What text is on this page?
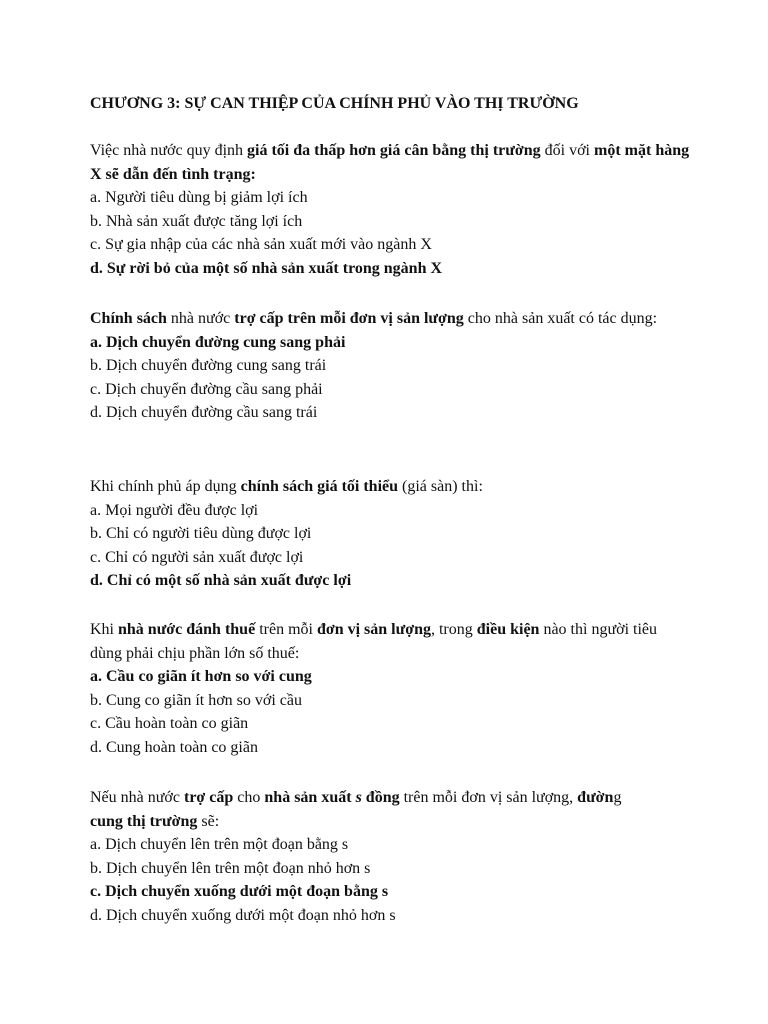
CHƯƠNG 3: SỰ CAN THIỆP CỦA CHÍNH PHỦ VÀO THỊ TRƯỜNG

Việc nhà nước quy định giá tối đa thấp hơn giá cân bằng thị trường đối với một mặt hàng X sẽ dẫn đến tình trạng:

a. Người tiêu dùng bị giảm lợi ích

b. Nhà sản xuất được tăng lợi ích

c. Sự gia nhập của các nhà sản xuất mới vào ngành X

d. Sự rời bỏ của một số nhà sản xuất trong ngành X

Chính sách nhà nước trợ cấp trên mỗi đơn vị sản lượng cho nhà sản xuất có tác dụng:

a. Dịch chuyển đường cung sang phải

b. Dịch chuyển đường cung sang trái

c. Dịch chuyển đường cầu sang phải

d. Dịch chuyển đường cầu sang trái

Khi chính phủ áp dụng chính sách giá tối thiểu (giá sàn) thì:

a. Mọi người đều được lợi

b. Chỉ có người tiêu dùng được lợi

c. Chỉ có người sản xuất được lợi

d. Chỉ có một số nhà sản xuất được lợi

Khi nhà nước đánh thuế trên mỗi đơn vị sản lượng, trong điều kiện nào thì người tiêu dùng phải chịu phần lớn số thuế:

a. Cầu co giãn ít hơn so với cung

b. Cung co giãn ít hơn so với cầu

c. Cầu hoàn toàn co giãn

d. Cung hoàn toàn co giãn

Nếu nhà nước trợ cấp cho nhà sản xuất s đồng trên mỗi đơn vị sản lượng, đường
cung thị trường sẽ:

a. Dịch chuyển lên trên một đoạn bằng s

b. Dịch chuyển lên trên một đoạn nhỏ hơn s

c. Dịch chuyển xuống dưới một đoạn bằng s

d. Dịch chuyển xuống dưới một đoạn nhỏ hơn s
